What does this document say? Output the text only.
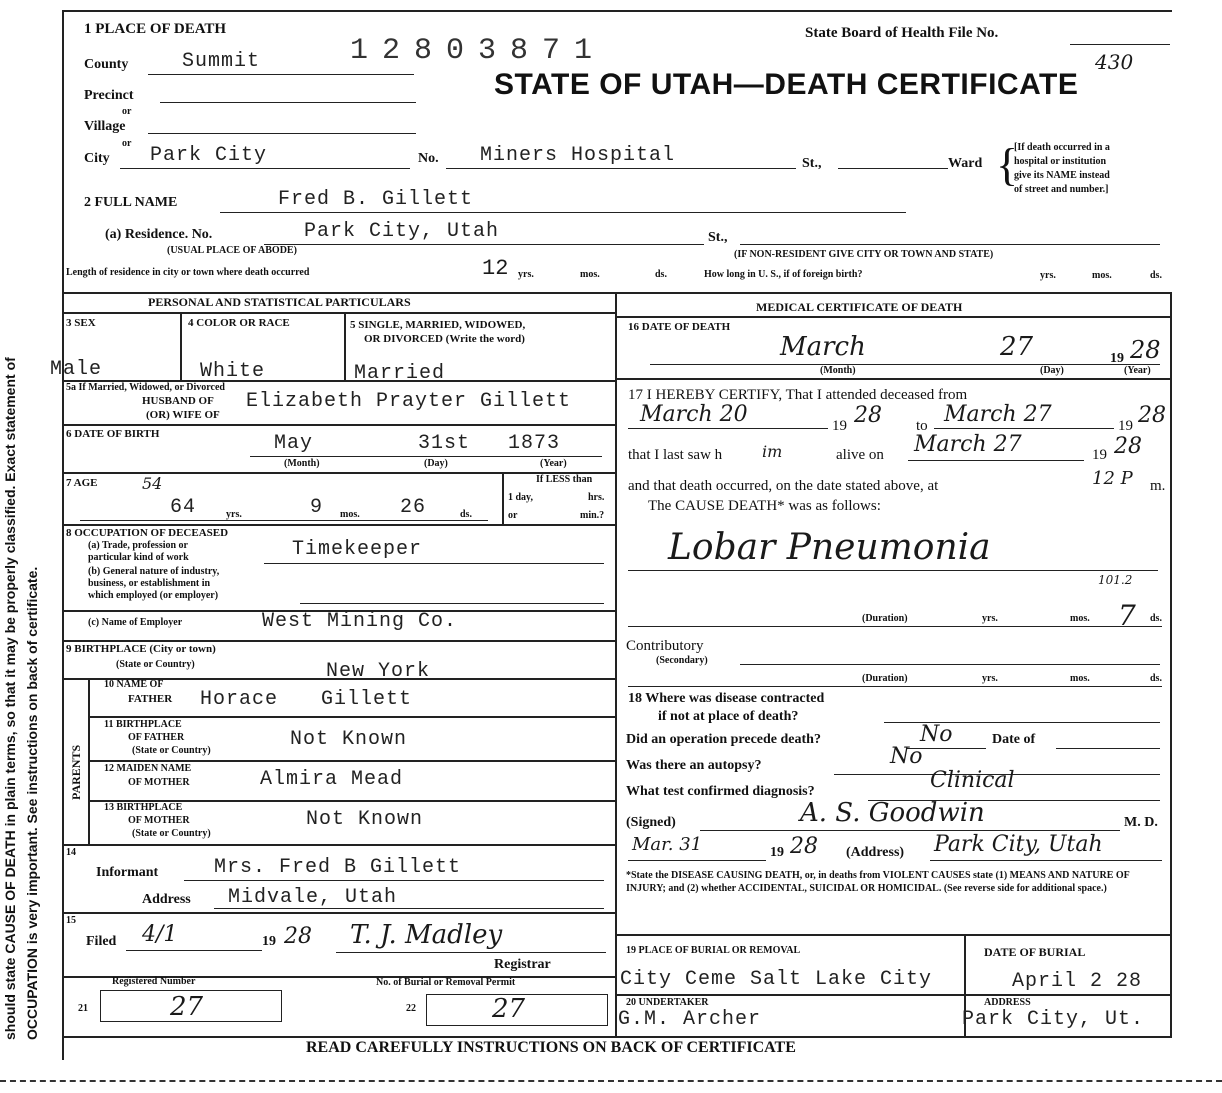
should state CAUSE OF DEATH in plain terms, so that it may be properly classified. Exact statement of OCCUPATION is very important. See instructions on back of certificate.
1 PLACE OF DEATH
12803871
State Board of Health File No.
430
STATE OF UTAH—DEATH CERTIFICATE
County	Summit
Precinct
or
Village
or
City Park City	No. Miners Hospital	St.,	Ward {
[If death occurred in a
hospital or institution
give its NAME instead
of street and number.]
2 FULL NAME	Fred B. Gillett
(a) Residence. No.	Park City, Utah	St.,
(USUAL PLACE OF ABODE)	(IF NON-RESIDENT GIVE CITY OR TOWN AND STATE)
Length of residence in city or town where death occurred	12 yrs.	mos.	ds.	How long in U. S., if of foreign birth?	yrs.	mos.	ds.
PERSONAL AND STATISTICAL PARTICULARS	MEDICAL CERTIFICATE OF DEATH
3 SEX
Male
4 COLOR OR RACE
White
5 SINGLE, MARRIED, WIDOWED,
OR DIVORCED (Write the word)
Married
5a If Married, Widowed, or Divorced
HUSBAND OF
(OR) WIFE OF
Elizabeth Prayter Gillett
6 DATE OF BIRTH	May	31st 1873
(Month)	(Day)	(Year)
7 AGE	54
64	yrs.	9 mos. 26	ds.
If LESS than
1 day,	hrs.
or	min.?
8 OCCUPATION OF DECEASED
(a) Trade, profession or
particular kind of work	Timekeeper
(b) General nature of industry,
business, or establishment in
which employed (or employer)
(c) Name of Employer	West Mining Co.
9 BIRTHPLACE (City or town)
(State or Country)	New York
PARENTS
10 NAME OF
FATHER Horace Gillett
11 BIRTHPLACE
OF FATHER
(State or Country)	Not Known
12 MAIDEN NAME
OF MOTHER	Almira Mead
13 BIRTHPLACE
OF MOTHER
(State or Country)
Not Known
14
Informant	Mrs. Fred B Gillett
Address Midvale, Utah
15
Filed 4/1	19 28 T. J. Madley
Registrar
Registered Number	No. of Burial or Removal Permit
21	27	22	27
16 DATE OF DEATH
March	27	19 28
(Month)	(Day)	(Year)
17 I HEREBY CERTIFY, That I attended deceased from
March 20	19 28 to March 27	19 28
that I last saw h im	alive on March 27	19 28
and that death occurred, on the date stated above, at	12 P m.
The CAUSE DEATH* was as follows:
Lobar Pneumonia
101.2
(Duration)	yrs.	mos. 7 ds.
Contributory
(Secondary)
(Duration)	yrs.	mos.	ds.
18 Where was disease contracted
if not at place of death?
Did an operation precede death?	No	Date of
Was there an autopsy?	No
What test confirmed diagnosis?	Clinical
(Signed)	A. S. Goodwin	M. D.
Mar. 31	19 28 (Address) Park City, Utah
*State the DISEASE CAUSING DEATH, or, in deaths from VIOLENT CAUSES state (1) MEANS AND NATURE OF INJURY; and (2) whether ACCIDENTAL, SUICIDAL OR HOMICIDAL. (See reverse side for additional space.)
19 PLACE OF BURIAL OR REMOVAL	DATE OF BURIAL
City Ceme Salt Lake City	April 2 28
20 UNDERTAKER
G.M. Archer
ADDRESS
Park City, Ut.
READ CAREFULLY INSTRUCTIONS ON BACK OF CERTIFICATE
